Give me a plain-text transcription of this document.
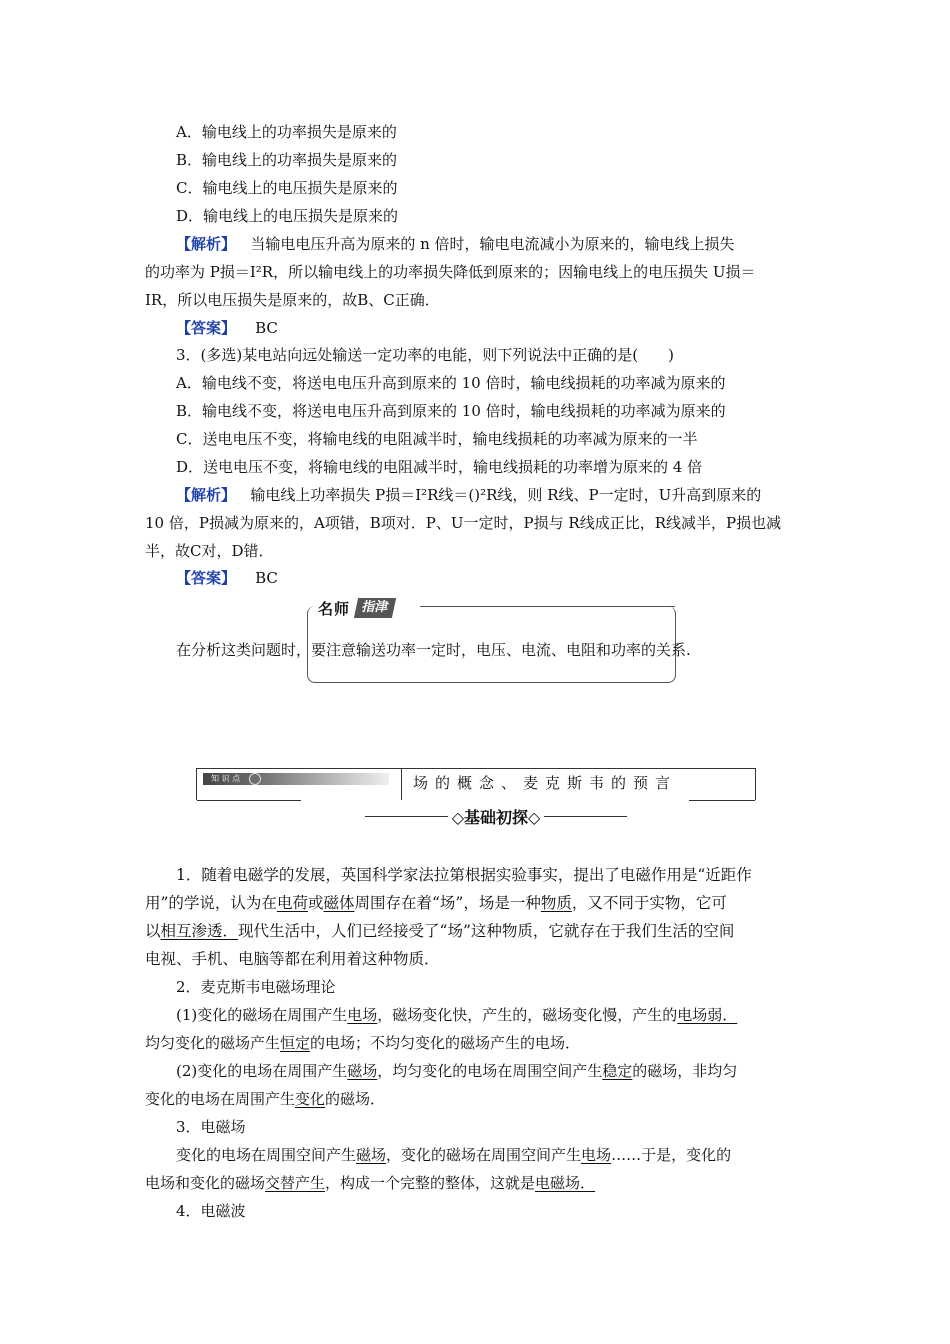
A．输电线上的功率损失是原来的
B．输电线上的功率损失是原来的
C．输电线上的电压损失是原来的
D．输电线上的电压损失是原来的
【解析】 当输电电压升高为原来的 n 倍时，输电电流减小为原来的，输电线上损失
的功率为 P损＝I²R，所以输电线上的功率损失降低到原来的；因输电线上的电压损失 U损＝
IR，所以电压损失是原来的，故B、C正确．
【答案】 BC
3．(多选)某电站向远处输送一定功率的电能，则下列说法中正确的是(　　)
A．输电线不变，将送电电压升高到原来的 10 倍时，输电线损耗的功率减为原来的
B．输电线不变，将送电电压升高到原来的 10 倍时，输电线损耗的功率减为原来的
C．送电电压不变，将输电线的电阻减半时，输电线损耗的功率减为原来的一半
D．送电电压不变，将输电线的电阻减半时，输电线损耗的功率增为原来的 4 倍
【解析】 输电线上功率损失 P损＝I²R线＝()²R线，则 R线、P一定时，U升高到原来的
10 倍，P损减为原来的，A项错，B项对．P、U一定时，P损与 R线成正比，R线减半，P损也减
半，故C对，D错．
【答案】 BC
名师 指津
在分析这类问题时，要注意输送功率一定时，电压、电流、电阻和功率的关系.
知 识 点	场的概念、麦克斯韦的预言
◇基础初探◇
1．随着电磁学的发展，英国科学家法拉第根据实验事实，提出了电磁作用是“近距作
用”的学说，认为在电荷或磁体周围存在着“场”，场是一种物质，又不同于实物，它可
以相互渗透．现代生活中，人们已经接受了“场”这种物质，它就存在于我们生活的空间
电视、手机、电脑等都在利用着这种物质．
2．麦克斯韦电磁场理论
(1)变化的磁场在周围产生电场，磁场变化快，产生的，磁场变化慢，产生的电场弱．
均匀变化的磁场产生恒定的电场；不均匀变化的磁场产生的电场．
(2)变化的电场在周围产生磁场，均匀变化的电场在周围空间产生稳定的磁场，非均匀
变化的电场在周围产生变化的磁场．
3．电磁场
变化的电场在周围空间产生磁场，变化的磁场在周围空间产生电场……于是，变化的
电场和变化的磁场交替产生，构成一个完整的整体，这就是电磁场．
4．电磁波
